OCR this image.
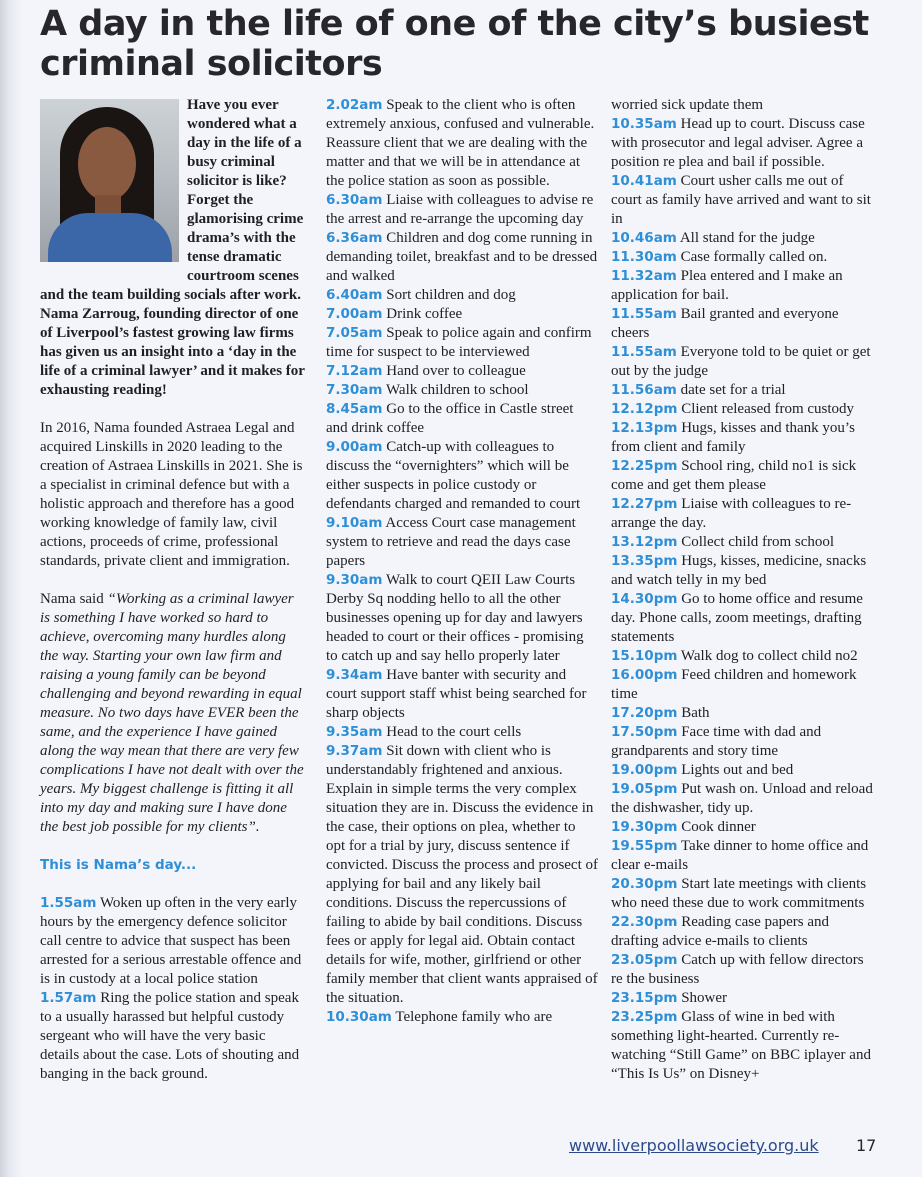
A day in the life of one of the city’s busiest criminal solicitors

Have you ever wondered what a day in the life of a busy criminal solicitor is like? Forget the glamorising crime drama’s with the tense dramatic courtroom scenes and the team building socials after work. Nama Zarroug, founding director of one of Liverpool’s fastest growing law firms has given us an insight into a ‘day in the life of a criminal lawyer’ and it makes for exhausting reading!

In 2016, Nama founded Astraea Legal and acquired Linskills in 2020 leading to the creation of Astraea Linskills in 2021. She is a specialist in criminal defence but with a holistic approach and therefore has a good working knowledge of family law, civil actions, proceeds of crime, professional standards, private client and immigration.

Nama said “Working as a criminal lawyer is something I have worked so hard to achieve, overcoming many hurdles along the way. Starting your own law firm and raising a young family can be beyond challenging and beyond rewarding in equal measure. No two days have EVER been the same, and the experience I have gained along the way mean that there are very few complications I have not dealt with over the years. My biggest challenge is fitting it all into my day and making sure I have done the best job possible for my clients”.

This is Nama’s day...

1.55am Woken up often in the very early hours by the emergency defence solicitor call centre to advice that suspect has been arrested for a serious arrestable offence and is in custody at a local police station

1.57am Ring the police station and speak to a usually harassed but helpful custody sergeant who will have the very basic details about the case. Lots of shouting and banging in the back ground.

2.02am Speak to the client who is often extremely anxious, confused and vulnerable. Reassure client that we are dealing with the matter and that we will be in attendance at the police station as soon as possible.

6.30am Liaise with colleagues to advise re the arrest and re-arrange the upcoming day

6.36am Children and dog come running in demanding toilet, breakfast and to be dressed and walked

6.40am Sort children and dog

7.00am Drink coffee

7.05am Speak to police again and confirm time for suspect to be interviewed

7.12am Hand over to colleague

7.30am Walk children to school

8.45am Go to the office in Castle street and drink coffee

9.00am Catch-up with colleagues to discuss the “overnighters” which will be either suspects in police custody or defendants charged and remanded to court

9.10am Access Court case management system to retrieve and read the days case papers

9.30am Walk to court QEII Law Courts Derby Sq nodding hello to all the other businesses opening up for day and lawyers headed to court or their offices - promising to catch up and say hello properly later

9.34am Have banter with security and court support staff whist being searched for sharp objects

9.35am Head to the court cells

9.37am Sit down with client who is understandably frightened and anxious. Explain in simple terms the very complex situation they are in. Discuss the evidence in the case, their options on plea, whether to opt for a trial by jury, discuss sentence if convicted. Discuss the process and prosect of applying for bail and any likely bail conditions. Discuss the repercussions of failing to abide by bail conditions. Discuss fees or apply for legal aid. Obtain contact details for wife, mother, girlfriend or other family member that client wants appraised of the situation.

10.30am Telephone family who are

worried sick update them

10.35am Head up to court. Discuss case with prosecutor and legal adviser. Agree a position re plea and bail if possible.

10.41am Court usher calls me out of court as family have arrived and want to sit in

10.46am All stand for the judge

11.30am Case formally called on.

11.32am Plea entered and I make an application for bail.

11.55am Bail granted and everyone cheers

11.55am Everyone told to be quiet or get out by the judge

11.56am date set for a trial

12.12pm Client released from custody

12.13pm Hugs, kisses and thank you’s from client and family

12.25pm School ring, child no1 is sick come and get them please

12.27pm Liaise with colleagues to re-arrange the day.

13.12pm Collect child from school

13.35pm Hugs, kisses, medicine, snacks and watch telly in my bed

14.30pm Go to home office and resume day. Phone calls, zoom meetings, drafting statements

15.10pm Walk dog to collect child no2

16.00pm Feed children and homework time

17.20pm Bath

17.50pm Face time with dad and grandparents and story time

19.00pm Lights out and bed

19.05pm Put wash on. Unload and reload the dishwasher, tidy up.

19.30pm Cook dinner

19.55pm Take dinner to home office and clear e-mails

20.30pm Start late meetings with clients who need these due to work commitments

22.30pm Reading case papers and drafting advice e-mails to clients

23.05pm Catch up with fellow directors re the business

23.15pm Shower

23.25pm Glass of wine in bed with something light-hearted. Currently re-watching “Still Game” on BBC iplayer and “This Is Us” on Disney+

www.liverpoollawsociety.org.uk 17
